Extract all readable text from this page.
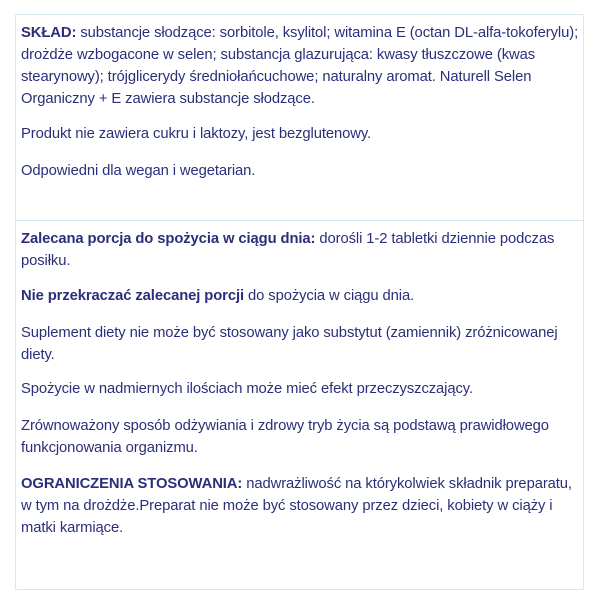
SKŁAD: substancje słodzące: sorbitole, ksylitol; witamina E (octan DL-alfa-tokoferylu); drożdże wzbogacone w selen; substancja glazurująca: kwasy tłuszczowe (kwas stearynowy); trójglicerydy średniołańcuchowe; naturalny aromat. Naturell Selen Organiczny + E zawiera substancje słodzące.

Produkt nie zawiera cukru i laktozy, jest bezglutenowy.

Odpowiedni dla wegan i wegetarian.

Zalecana porcja do spożycia w ciągu dnia: dorośli 1-2 tabletki dziennie podczas posiłku.

Nie przekraczać zalecanej porcji do spożycia w ciągu dnia.

Suplement diety nie może być stosowany jako substytut (zamiennik) zróżnicowanej diety.

Spożycie w nadmiernych ilościach może mieć efekt przeczyszczający.

Zrównoważony sposób odżywiania i zdrowy tryb życia są podstawą prawidłowego funkcjonowania organizmu.

OGRANICZENIA STOSOWANIA: nadwrażliwość na którykolwiek składnik preparatu, w tym na drożdże.Preparat nie może być stosowany przez dzieci, kobiety w ciąży i matki karmiące.
